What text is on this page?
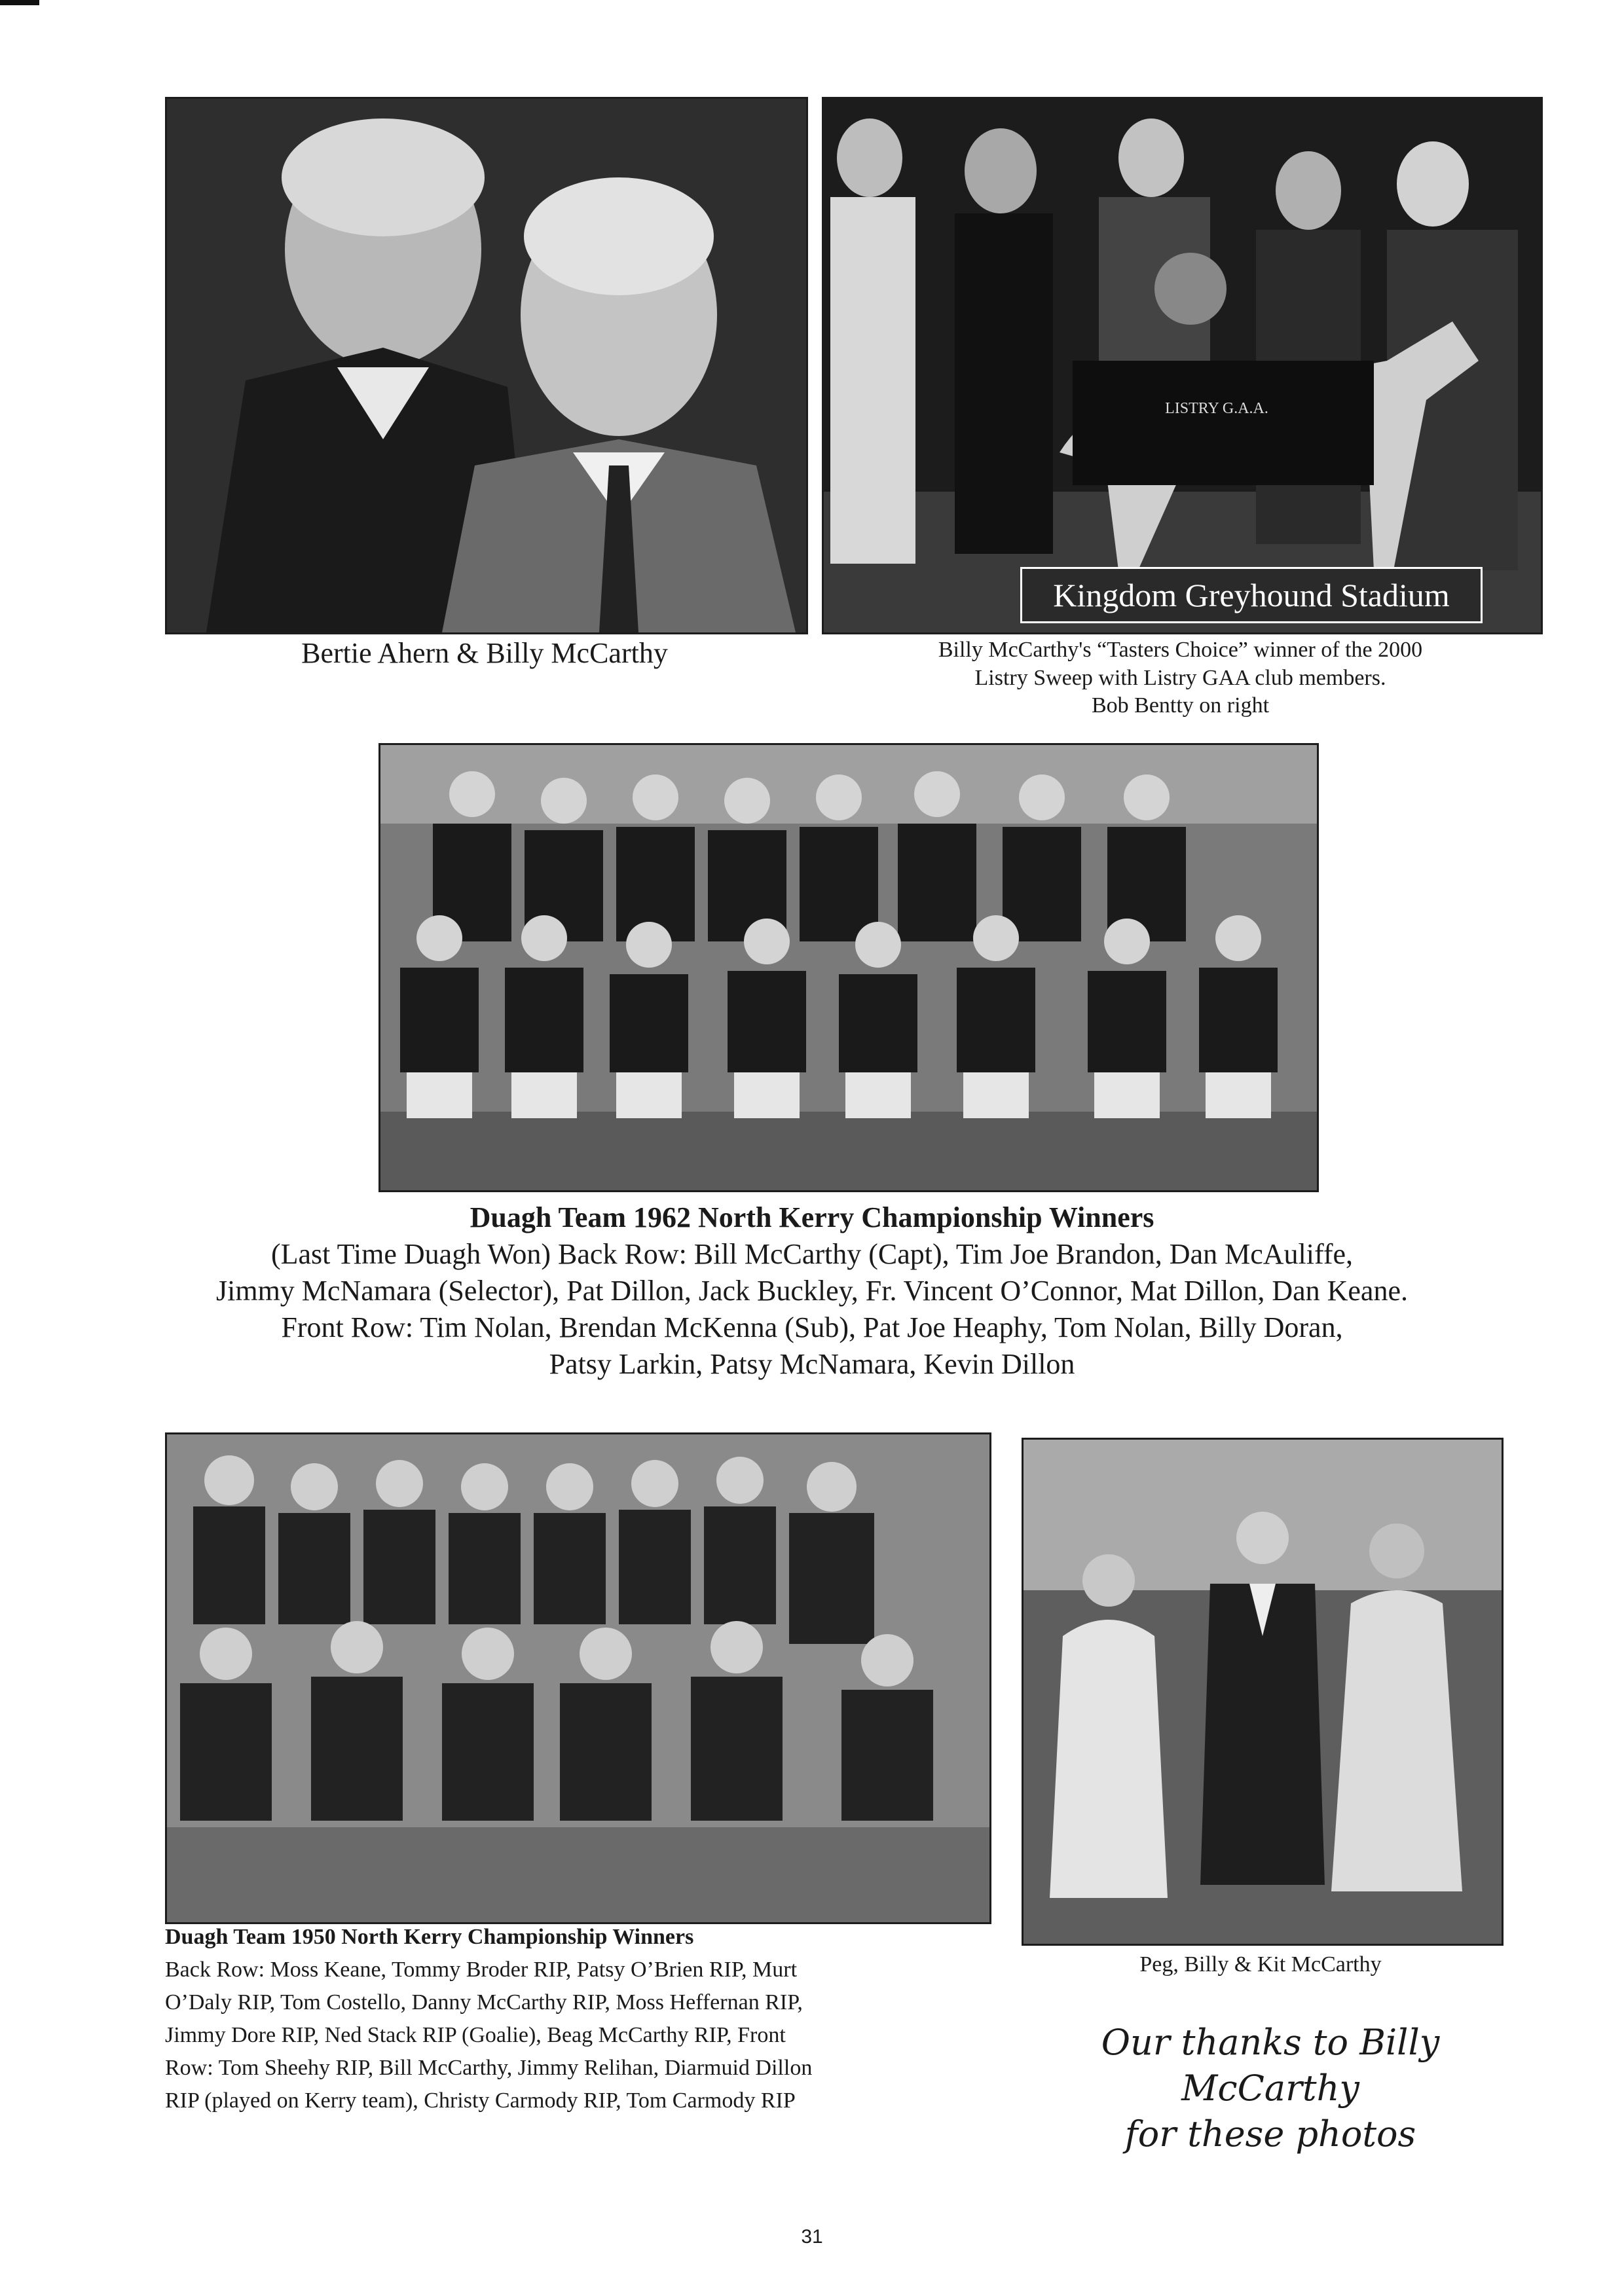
Bertie Ahern & Billy McCarthy
LISTRY G.A.A.
Kingdom Greyhound Stadium
Billy McCarthy's “Tasters Choice” winner of the 2000
Listry Sweep with Listry GAA club members.
Bob Bentty on right
Duagh Team 1962 North Kerry Championship Winners
(Last Time Duagh Won) Back Row: Bill McCarthy (Capt), Tim Joe Brandon, Dan McAuliffe,
Jimmy McNamara (Selector), Pat Dillon, Jack Buckley, Fr. Vincent O’Connor, Mat Dillon, Dan Keane.
Front Row: Tim Nolan, Brendan McKenna (Sub), Pat Joe Heaphy, Tom Nolan, Billy Doran,
Patsy Larkin, Patsy McNamara, Kevin Dillon
Duagh Team 1950 North Kerry Championship Winners
Back Row: Moss Keane, Tommy Broder RIP, Patsy O’Brien RIP, Murt
O’Daly RIP, Tom Costello, Danny McCarthy RIP, Moss Heffernan RIP,
Jimmy Dore RIP, Ned Stack RIP (Goalie), Beag McCarthy RIP, Front
Row: Tom Sheehy RIP, Bill McCarthy, Jimmy Relihan, Diarmuid Dillon
RIP (played on Kerry team), Christy Carmody RIP, Tom Carmody RIP
Peg, Billy & Kit McCarthy
Our thanks to Billy McCarthy
for these photos
31
